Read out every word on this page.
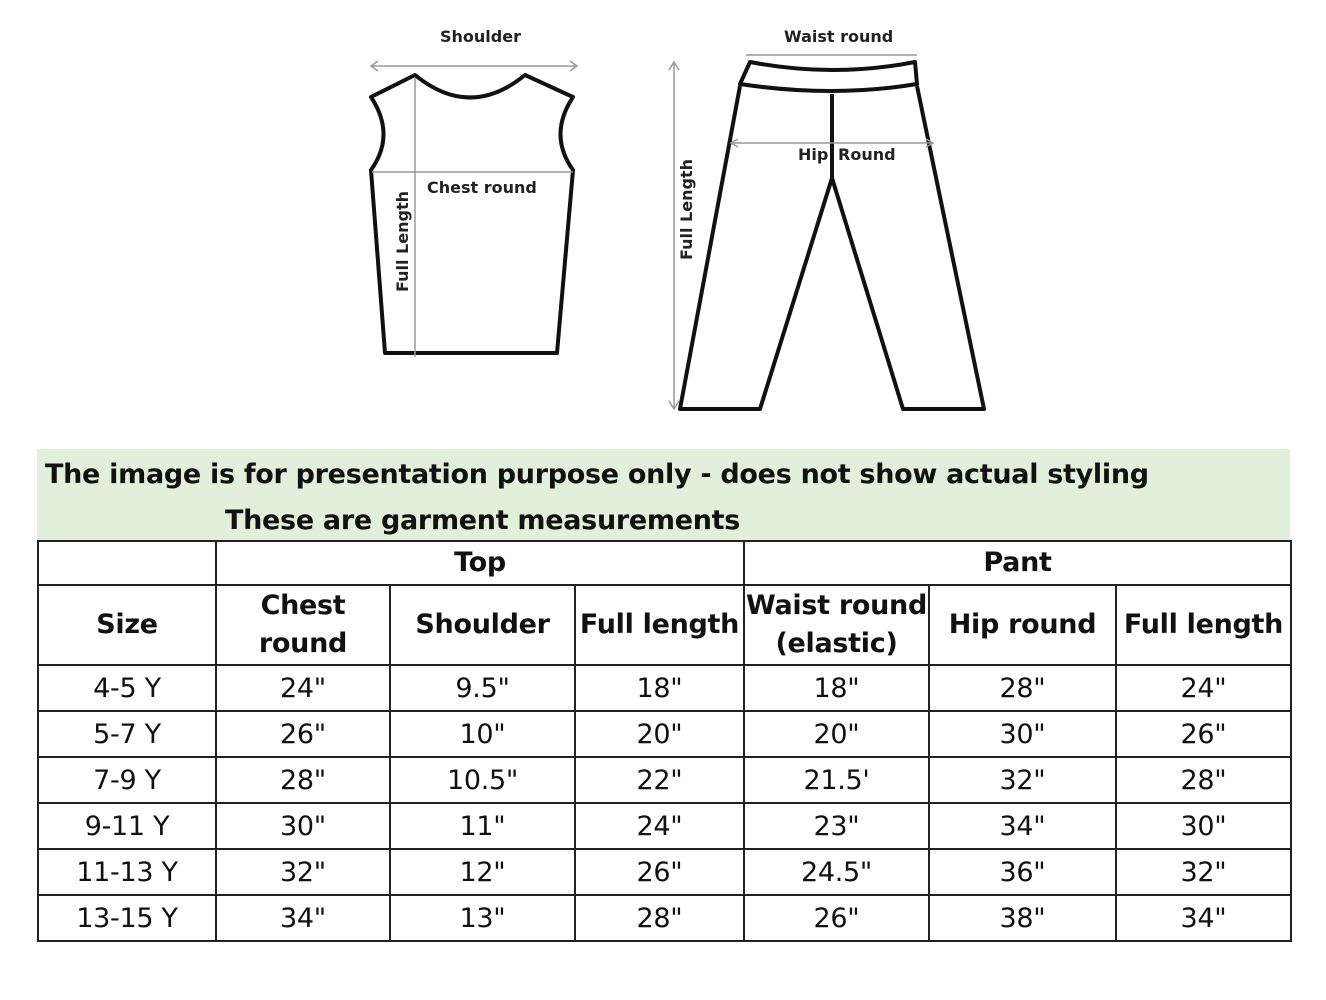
Shoulder
Chest round
Full Length
Waist round
Hip Round
Full Length
The image is for presentation purpose only - does not show actual styling
These are garment measurements
	Top			Pant		
Size	Chest round	Shoulder	Full length	Waist round (elastic)	Hip round	Full length
4-5 Y	24"	9.5"	18"	18"	28"	24"
5-7 Y	26"	10"	20"	20"	30"	26"
7-9 Y	28"	10.5"	22"	21.5'	32"	28"
9-11 Y	30"	11"	24"	23"	34"	30"
11-13 Y	32"	12"	26"	24.5"	36"	32"
13-15 Y	34"	13"	28"	26"	38"	34"
